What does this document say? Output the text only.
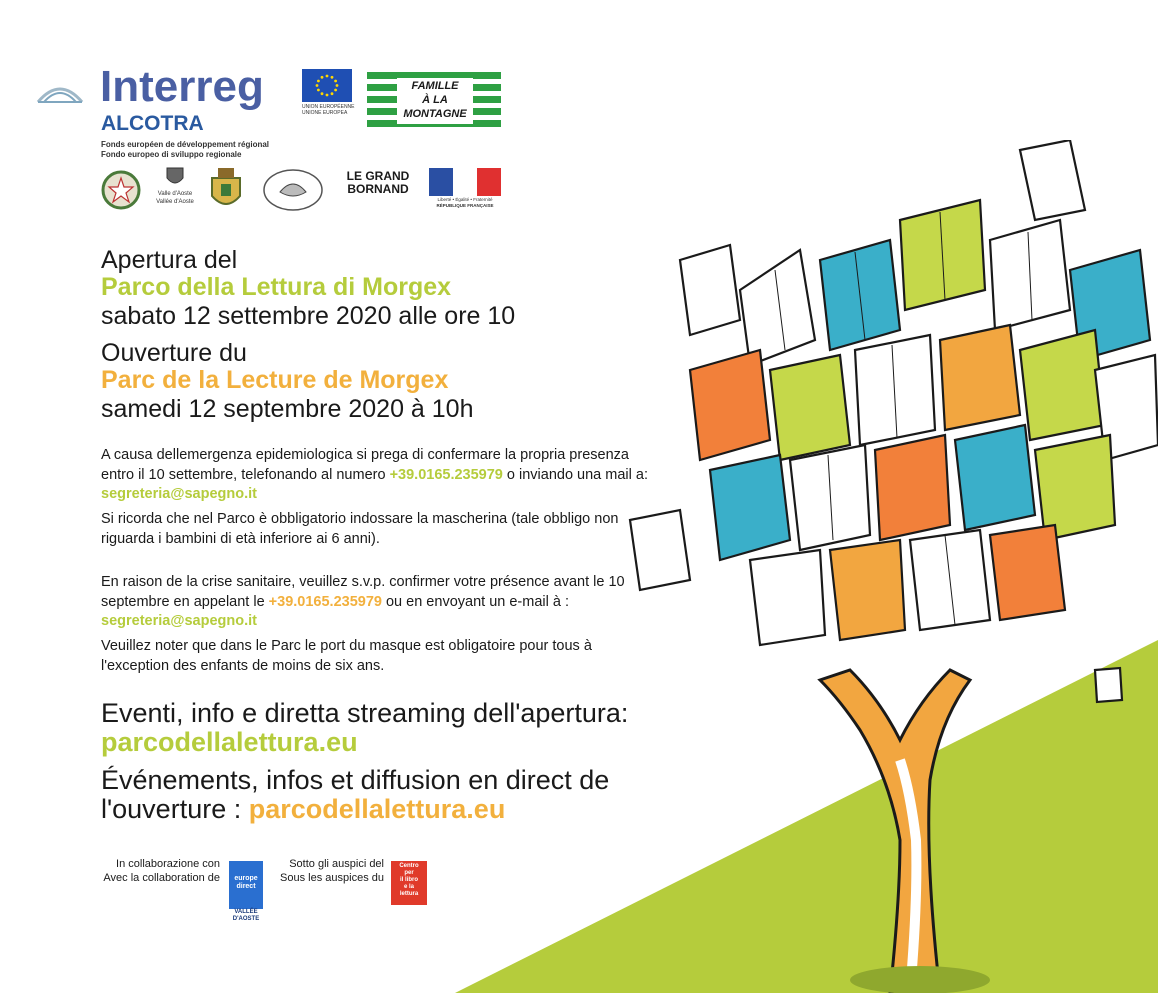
Interreg
ALCOTRA
Fonds européen de développement régional
Fondo europeo di sviluppo regionale
UNION EUROPÉENNE
UNIONE EUROPEA
FAMILLE
À LA
MONTAGNE
Valle d'Aoste
Vallée d'Aoste
LE GRAND
BORNAND
Liberté • Égalité • Fraternité
RÉPUBLIQUE FRANÇAISE
Apertura del
Parco della Lettura di Morgex
sabato 12 settembre 2020 alle ore 10
Ouverture du
Parc de la Lecture de Morgex
samedi 12 septembre 2020 à 10h
A causa dellemergenza epidemiologica si prega di confermare la propria presenza entro il 10 settembre, telefonando al numero +39.0165.235979 o inviando una mail a: segreteria@sapegno.it
Si ricorda che nel Parco è obbligatorio indossare la mascherina (tale obbligo non riguarda i bambini di età inferiore ai 6 anni).
En raison de la crise sanitaire, veuillez s.v.p. confirmer votre présence avant le 10 septembre en appelant le +39.0165.235979 ou en envoyant un e-mail à :
segreteria@sapegno.it
Veuillez noter que dans le Parc le port du masque est obligatoire pour tous à l'exception des enfants de moins de six ans.
Eventi, info e diretta streaming dell'apertura:
parcodellalettura.eu
Événements, infos et diffusion en direct de
l'ouverture : parcodellalettura.eu
In collaborazione con
Avec la collaboration de	europe
direct
VALLÉE
D'AOSTE
Sotto gli auspici del
Sous les auspices du
Centro
per
il libro
e la
lettura
